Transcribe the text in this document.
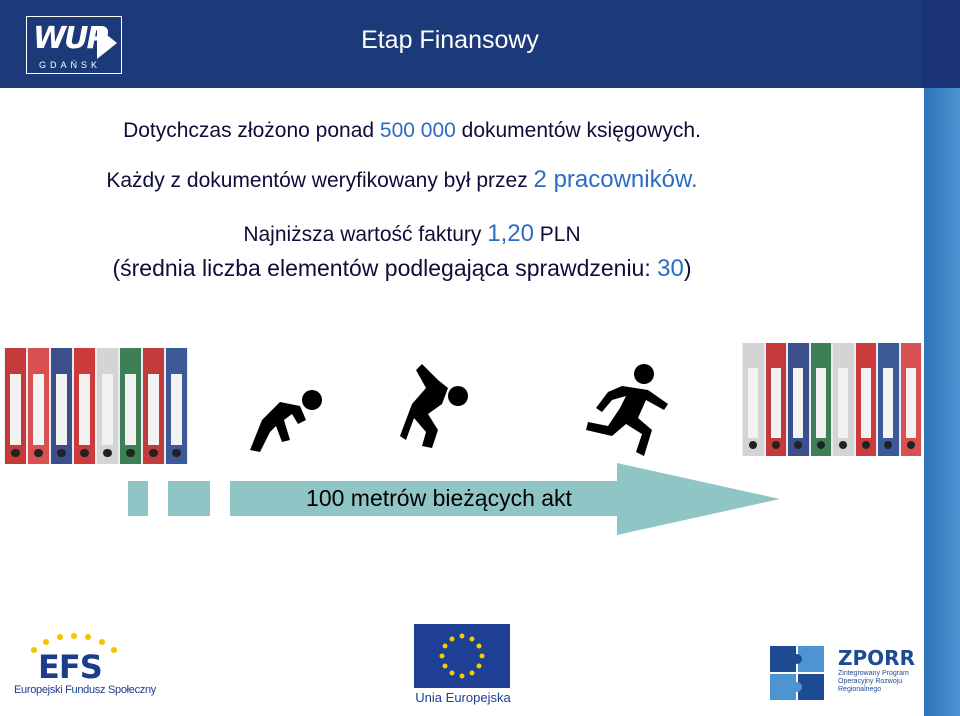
WUP
GDAŃSK
Etap Finansowy
Dotychczas złożono ponad 500 000 dokumentów księgowych.
Każdy z dokumentów weryfikowany był przez 2 pracowników.
Najniższa wartość faktury 1,20 PLN
(średnia liczba elementów podlegająca sprawdzeniu: 30)
100 metrów bieżących akt
EFS
Europejski Fundusz Społeczny	Unia Europejska
ZPORR
Zintegrowany Program Operacyjny Rozwoju Regionalnego
